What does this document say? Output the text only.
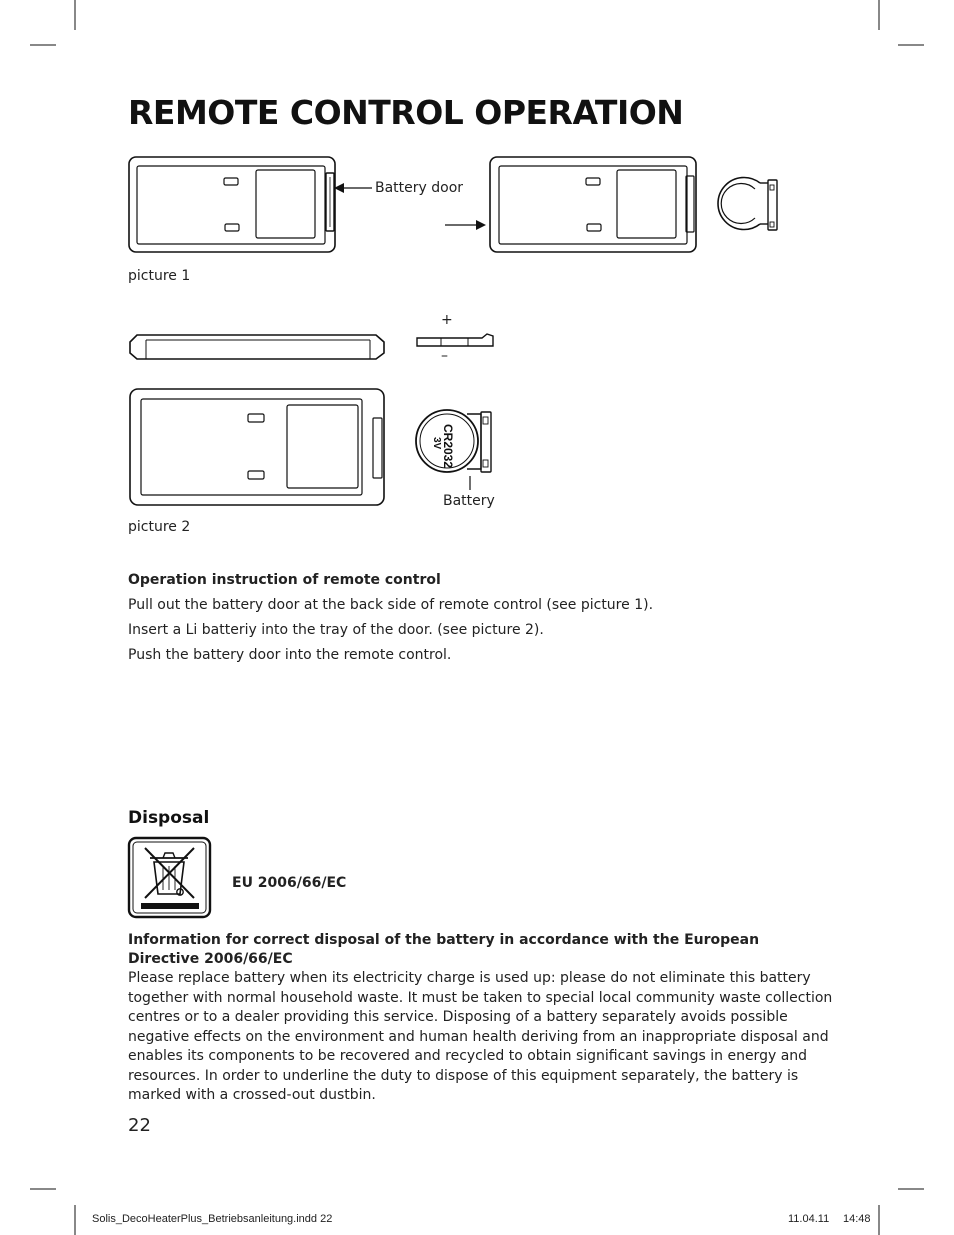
REMOTE CONTROL OPERATION
Battery door
picture 1
+
–
CR2032
3V
Battery
picture 2
Operation instruction of remote control
Pull out the battery door at the back side of remote control (see picture 1).
Insert a Li batteriy into the tray of the door. (see picture 2).
Push the battery door into the remote control.
Disposal
EU 2006/66/EC
Information for correct disposal of the battery in accordance with the European Directive 2006/66/EC
Please replace battery when its electricity charge is used up: please do not eliminate this battery together with normal household waste. It must be taken to special local community waste collection centres or to a dealer providing this service. Disposing of a battery separately avoids possible negative effects on the environment and human health deriving from an inappropriate disposal and enables its components to be recovered and recycled to obtain significant savings in energy and resources. In order to underline the duty to dispose of this equipment separately, the battery is marked with a crossed-out dustbin.
22
Solis_DecoHeaterPlus_Betriebsanleitung.indd 22	11.04.11 14:48
